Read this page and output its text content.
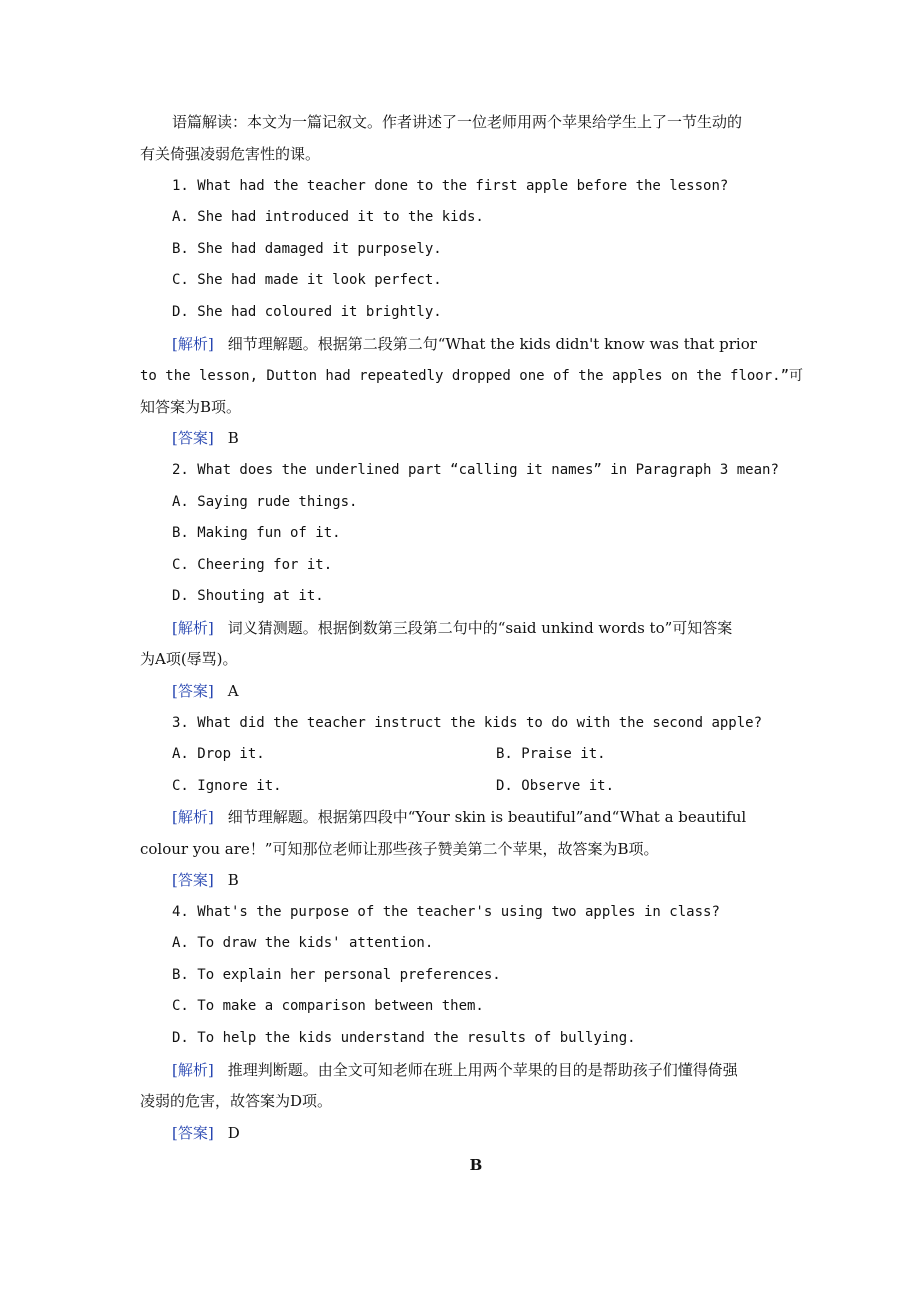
语篇解读：本文为一篇记叙文。作者讲述了一位老师用两个苹果给学生上了一节生动的
有关倚强凌弱危害性的课。
1. What had the teacher done to the first apple before the lesson?
A. She had introduced it to the kids.
B. She had damaged it purposely.
C. She had made it look perfect.
D. She had coloured it brightly.
[解析] 细节理解题。根据第二段第二句“What the kids didn't know was that prior
to the lesson, Dutton had repeatedly dropped one of the apples on the floor.”可
知答案为B项。
[答案] B
2. What does the underlined part “calling it names” in Paragraph 3 mean?
A. Saying rude things.
B. Making fun of it.
C. Cheering for it.
D. Shouting at it.
[解析] 词义猜测题。根据倒数第三段第二句中的“said unkind words to”可知答案
为A项(辱骂)。
[答案] A
3. What did the teacher instruct the kids to do with the second apple?
A. Drop it.	B. Praise it.
C. Ignore it.	D. Observe it.
[解析] 细节理解题。根据第四段中“Your skin is beautiful”and“What a beautiful
colour you are！”可知那位老师让那些孩子赞美第二个苹果，故答案为B项。
[答案] B
4. What's the purpose of the teacher's using two apples in class?
A. To draw the kids' attention.
B. To explain her personal preferences.
C. To make a comparison between them.
D. To help the kids understand the results of bullying.
[解析] 推理判断题。由全文可知老师在班上用两个苹果的目的是帮助孩子们懂得倚强
凌弱的危害，故答案为D项。
[答案] D
B
